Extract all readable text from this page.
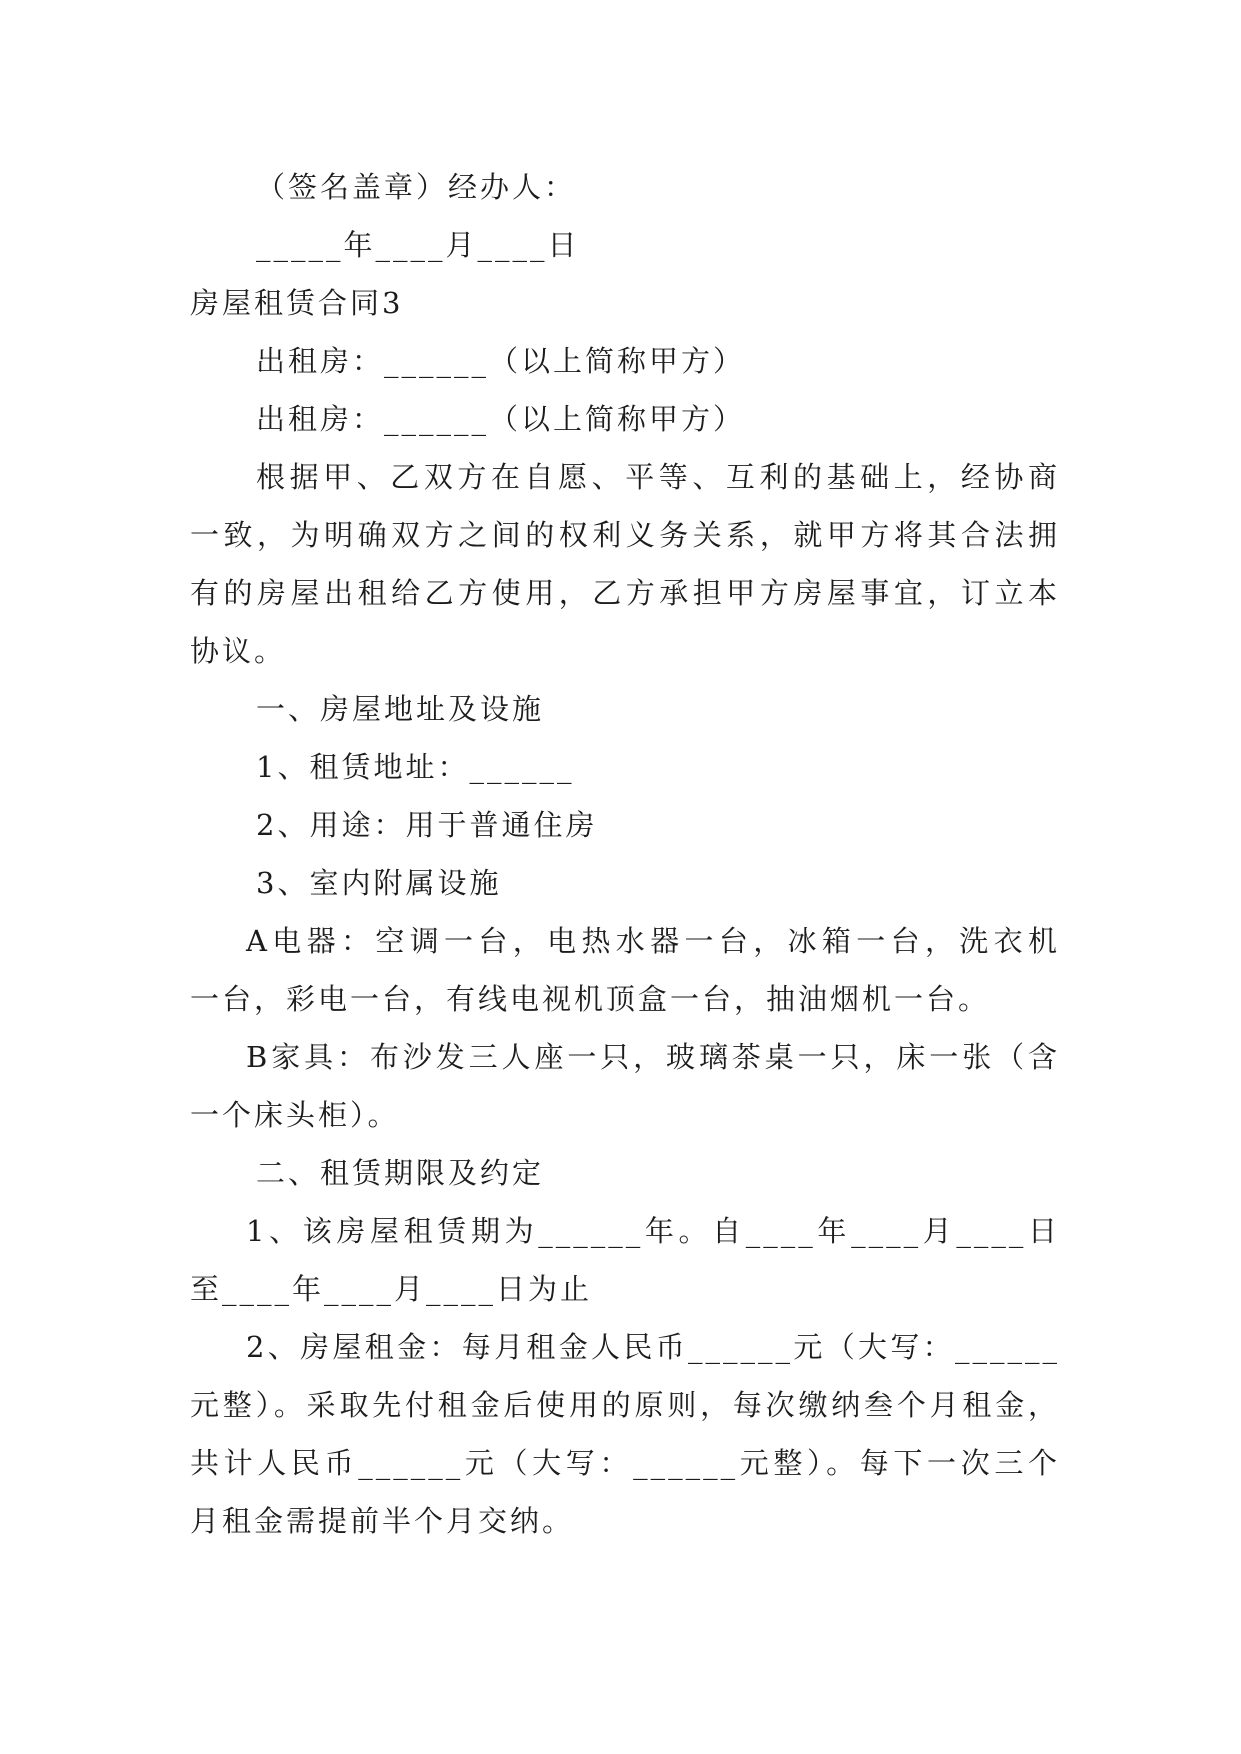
（签名盖章）经办人：
_____年____月____日
房屋租赁合同3
出租房：______（以上简称甲方）
出租房：______（以上简称甲方）
根据甲、乙双方在自愿、平等、互利的基础上，经协商
一致，为明确双方之间的权利义务关系，就甲方将其合法拥
有的房屋出租给乙方使用，乙方承担甲方房屋事宜，订立本
协议。
一、房屋地址及设施
1、租赁地址：______
2、用途：用于普通住房
3、室内附属设施
A电器：空调一台，电热水器一台，冰箱一台，洗衣机
一台，彩电一台，有线电视机顶盒一台，抽油烟机一台。
B家具：布沙发三人座一只，玻璃茶桌一只，床一张（含
一个床头柜）。
二、租赁期限及约定
1、该房屋租赁期为______年。自____年____月____日
至____年____月____日为止
2、房屋租金：每月租金人民币______元（大写：______
元整）。采取先付租金后使用的原则，每次缴纳叁个月租金，
共计人民币______元（大写：______元整）。每下一次三个
月租金需提前半个月交纳。
